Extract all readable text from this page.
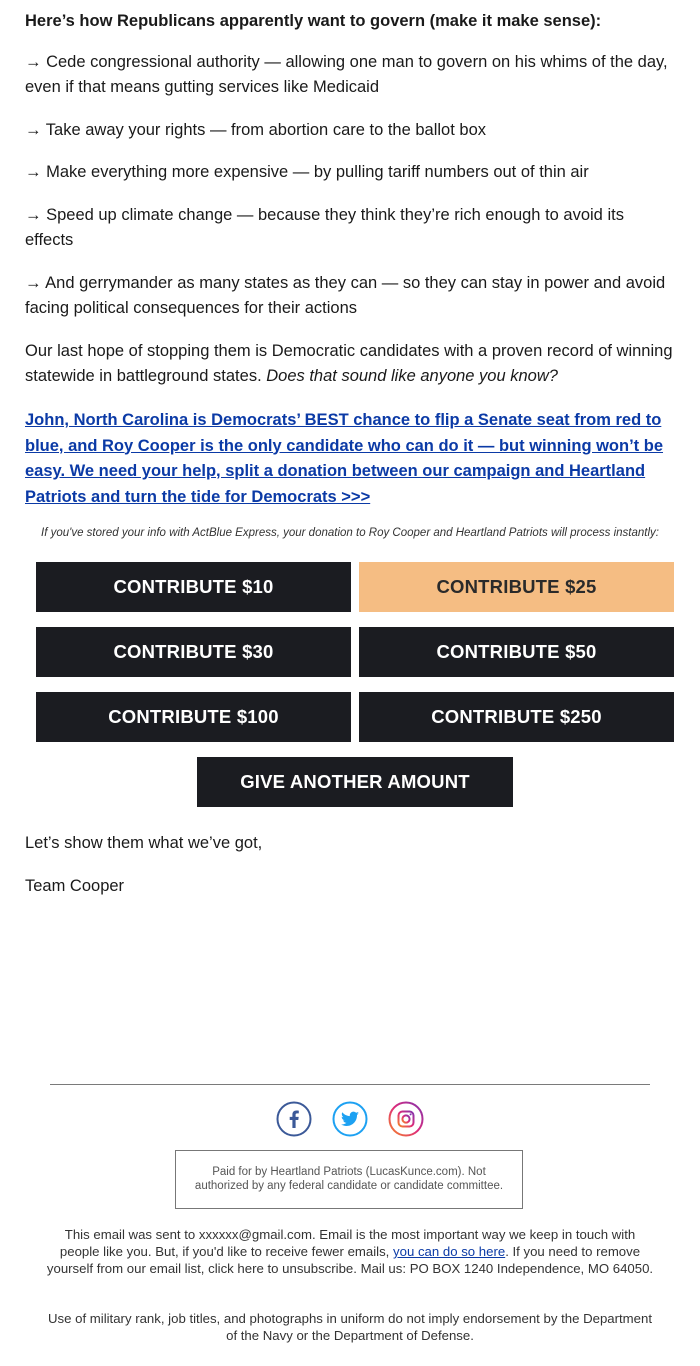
Here’s how Republicans apparently want to govern (make it make sense):

→ Cede congressional authority — allowing one man to govern on his whims of the day, even if that means gutting services like Medicaid

→ Take away your rights — from abortion care to the ballot box

→ Make everything more expensive — by pulling tariff numbers out of thin air

→ Speed up climate change — because they think they’re rich enough to avoid its effects

→ And gerrymander as many states as they can — so they can stay in power and avoid facing political consequences for their actions

Our last hope of stopping them is Democratic candidates with a proven record of winning statewide in battleground states. Does that sound like anyone you know?

John, North Carolina is Democrats’ BEST chance to flip a Senate seat from red to blue, and Roy Cooper is the only candidate who can do it — but winning won’t be easy. We need your help, split a donation between our campaign and Heartland Patriots and turn the tide for Democrats >>>
If you've stored your info with ActBlue Express, your donation to Roy Cooper and Heartland Patriots will process instantly:
CONTRIBUTE $10	CONTRIBUTE $25
CONTRIBUTE $30	CONTRIBUTE $50
CONTRIBUTE $100	CONTRIBUTE $250
GIVE ANOTHER AMOUNT

Let’s show them what we’ve got,

Team Cooper

Paid for by Heartland Patriots (LucasKunce.com). Not authorized by any federal candidate or candidate committee.

This email was sent to xxxxxx@gmail.com. Email is the most important way we keep in touch with people like you. But, if you'd like to receive fewer emails, you can do so here. If you need to remove yourself from our email list, click here to unsubscribe. Mail us: PO BOX 1240 Independence, MO 64050.

Use of military rank, job titles, and photographs in uniform do not imply endorsement by the Department of the Navy or the Department of Defense.
